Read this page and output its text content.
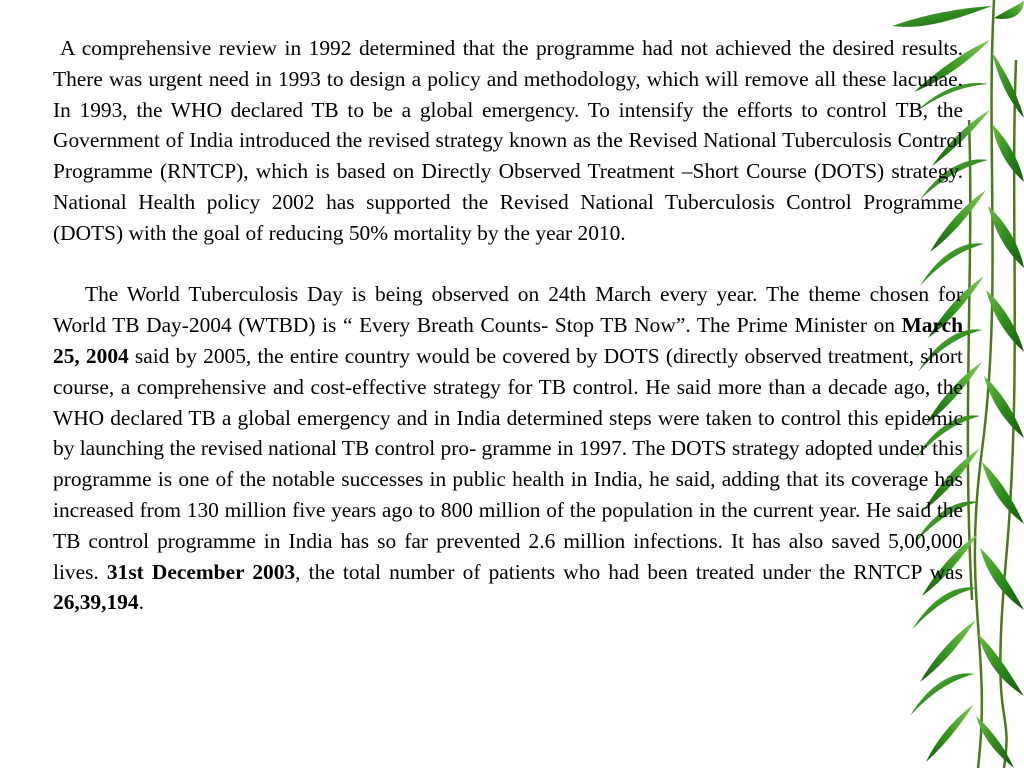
A comprehensive review in 1992 determined that the programme had not achieved the desired results. There was urgent need in 1993 to design a policy and methodology, which will remove all these lacunae. In 1993, the WHO declared TB to be a global emergency. To intensify the efforts to control TB, the Government of India introduced the revised strategy known as the Revised National Tuberculosis Control Programme (RNTCP), which is based on Directly Observed Treatment –Short Course (DOTS) strategy. National Health policy 2002 has supported the Revised National Tuberculosis Control Programme (DOTS) with the goal of reducing 50% mortality by the year 2010.

The World Tuberculosis Day is being observed on 24th March every year. The theme chosen for World TB Day-2004 (WTBD) is “ Every Breath Counts- Stop TB Now”. The Prime Minister on March 25, 2004 said by 2005, the entire country would be covered by DOTS (directly observed treatment, short course, a comprehensive and cost-effective strategy for TB control. He said more than a decade ago, the WHO declared TB a global emergency and in India determined steps were taken to control this epidemic by launching the revised national TB control pro- gramme in 1997. The DOTS strategy adopted under this programme is one of the notable successes in public health in India, he said, adding that its coverage has increased from 130 million five years ago to 800 million of the population in the current year. He said the TB control programme in India has so far prevented 2.6 million infections. It has also saved 5,00,000 lives. 31st December 2003, the total number of patients who had been treated under the RNTCP was 26,39,194.
